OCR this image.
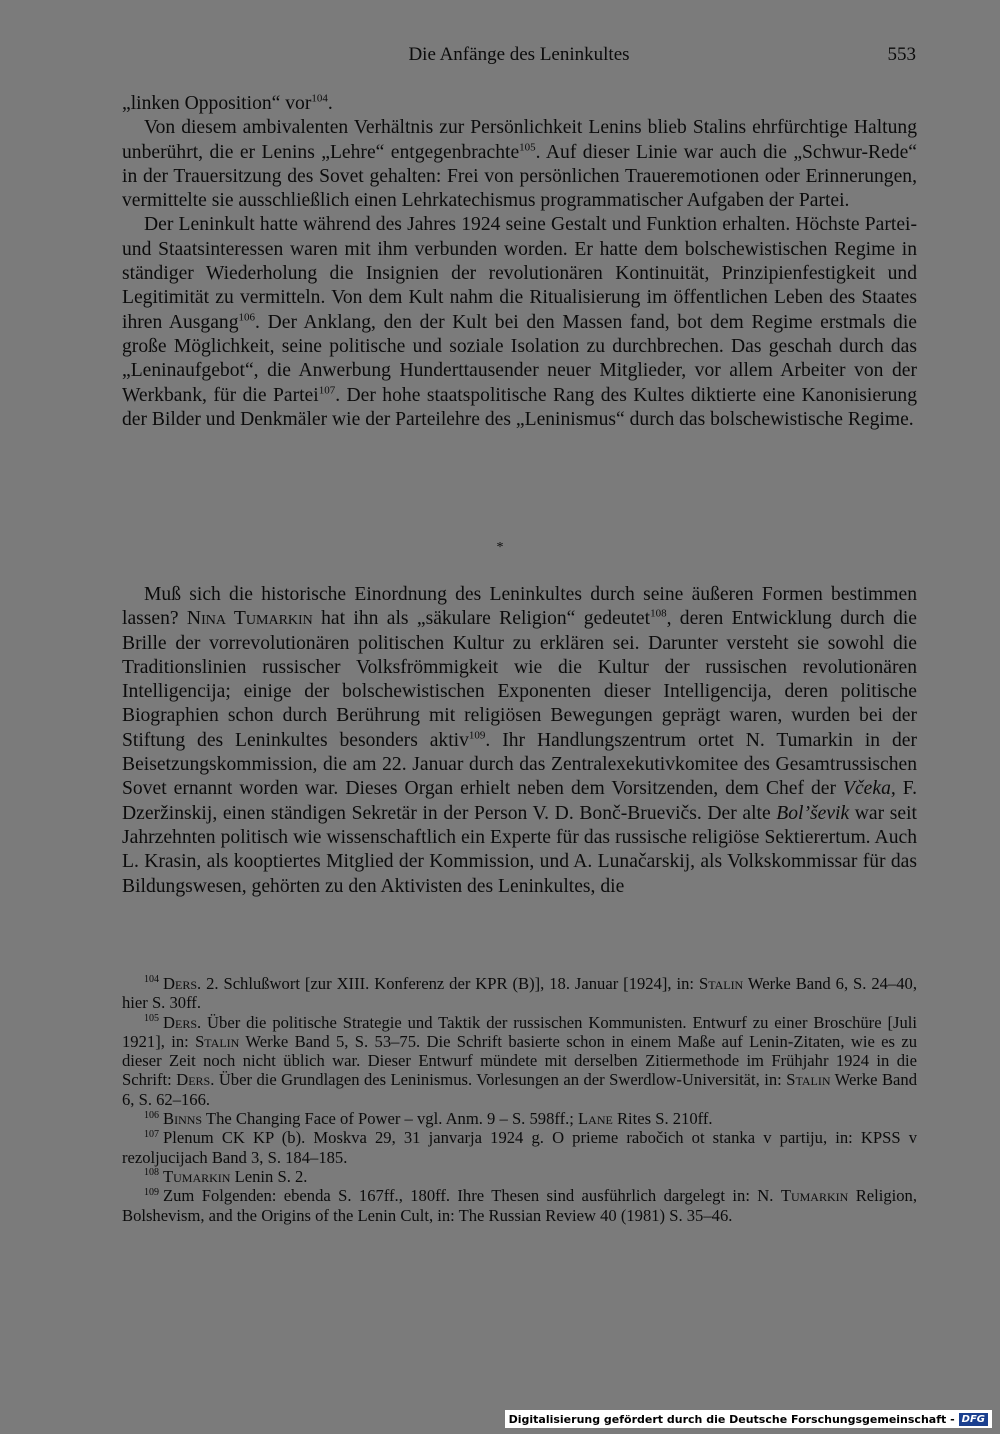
Die Anfänge des Leninkultes	553

„linken Opposition“ vor$^{104}$.

Von diesem ambivalenten Verhältnis zur Persönlichkeit Lenins blieb Stalins ehrfürchtige Haltung unberührt, die er Lenins „Lehre“ entgegenbrachte$^{105}$. Auf dieser Linie war auch die „Schwur-Rede“ in der Trauersitzung des Sovet gehalten: Frei von persönlichen Traueremotionen oder Erinnerungen, vermittelte sie ausschließlich einen Lehrkatechismus programmatischer Aufgaben der Partei.

Der Leninkult hatte während des Jahres 1924 seine Gestalt und Funktion erhalten. Höchste Partei- und Staatsinteressen waren mit ihm verbunden worden. Er hatte dem bolschewistischen Regime in ständiger Wiederholung die Insignien der revolutionären Kontinuität, Prinzipienfestigkeit und Legitimität zu vermitteln. Von dem Kult nahm die Ritualisierung im öffentlichen Leben des Staates ihren Ausgang$^{106}$. Der Anklang, den der Kult bei den Massen fand, bot dem Regime erstmals die große Möglichkeit, seine politische und soziale Isolation zu durchbrechen. Das geschah durch das „Leninaufgebot“, die Anwerbung Hunderttausender neuer Mitglieder, vor allem Arbeiter von der Werkbank, für die Partei$^{107}$. Der hohe staatspolitische Rang des Kultes diktierte eine Kanonisierung der Bilder und Denkmäler wie der Parteilehre des „Leninismus“ durch das bolschewistische Regime.

*

Muß sich die historische Einordnung des Leninkultes durch seine äußeren Formen bestimmen lassen? Nina Tumarkin hat ihn als „säkulare Religion“ gedeutet$^{108}$, deren Entwicklung durch die Brille der vorrevolutionären politischen Kultur zu erklären sei. Darunter versteht sie sowohl die Traditionslinien russischer Volksfrömmigkeit wie die Kultur der russischen revolutionären Intelligencija; einige der bolschewistischen Exponenten dieser Intelligencija, deren politische Biographien schon durch Berührung mit religiösen Bewegungen geprägt waren, wurden bei der Stiftung des Leninkultes besonders aktiv$^{109}$. Ihr Handlungszentrum ortet N. Tumarkin in der Beisetzungskommission, die am 22. Januar durch das Zentralexekutivkomitee des Gesamtrussischen Sovet ernannt worden war. Dieses Organ erhielt neben dem Vorsitzenden, dem Chef der Včeka, F. Dzeržinskij, einen ständigen Sekretär in der Person V. D. Bonč-Bruevičs. Der alte Bol’ševik war seit Jahrzehnten politisch wie wissenschaftlich ein Experte für das russische religiöse Sektierertum. Auch L. Krasin, als kooptiertes Mitglied der Kommission, und A. Lunačarskij, als Volkskommissar für das Bildungswesen, gehörten zu den Aktivisten des Leninkultes, die

$^{104}$ Ders. 2. Schlußwort [zur XIII. Konferenz der KPR (B)], 18. Januar [1924], in: Stalin Werke Band 6, S. 24–40, hier S. 30ff.

$^{105}$ Ders. Über die politische Strategie und Taktik der russischen Kommunisten. Entwurf zu einer Broschüre [Juli 1921], in: Stalin Werke Band 5, S. 53–75. Die Schrift basierte schon in einem Maße auf Lenin-Zitaten, wie es zu dieser Zeit noch nicht üblich war. Dieser Entwurf mündete mit derselben Zitiermethode im Frühjahr 1924 in die Schrift: Ders. Über die Grundlagen des Leninismus. Vorlesungen an der Swerdlow-Universität, in: Stalin Werke Band 6, S. 62–166.

$^{106}$ Binns The Changing Face of Power – vgl. Anm. 9 – S. 598ff.; Lane Rites S. 210ff.

$^{107}$ Plenum CK KP (b). Moskva 29, 31 janvarja 1924 g. O prieme rabočich ot stanka v partiju, in: KPSS v rezoljucijach Band 3, S. 184–185.

$^{108}$ Tumarkin Lenin S. 2.

$^{109}$ Zum Folgenden: ebenda S. 167ff., 180ff. Ihre Thesen sind ausführlich dargelegt in: N. Tumarkin Religion, Bolshevism, and the Origins of the Lenin Cult, in: The Russian Review 40 (1981) S. 35–46.

Digitalisierung gefördert durch die Deutsche Forschungsgemeinschaft - DFG
